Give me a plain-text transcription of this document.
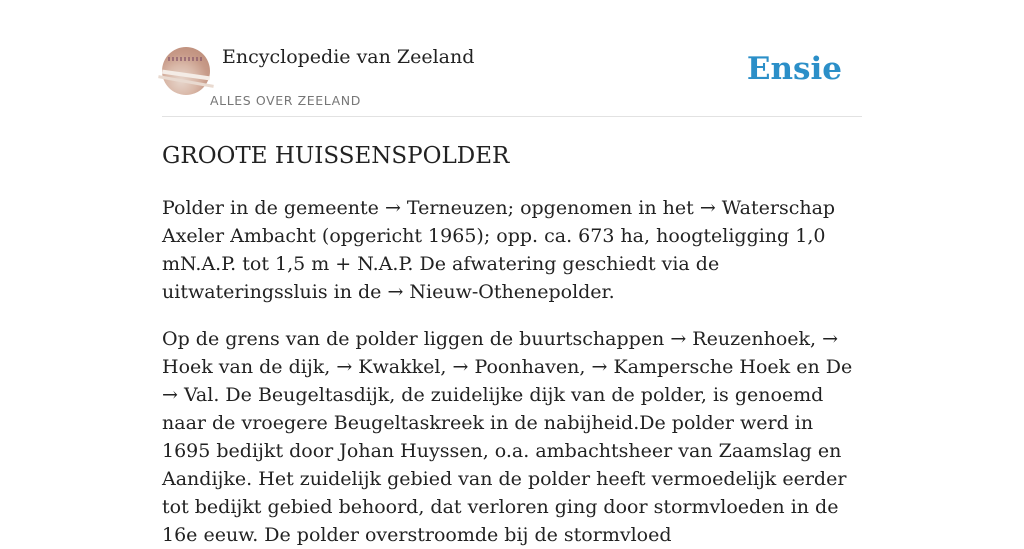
Encyclopedie van Zeeland
ALLES OVER ZEELAND
Ensie
GROOTE HUISSENSPOLDER

Polder in de gemeente → Terneuzen; opgenomen in het → Waterschap Axeler Ambacht (opgericht 1965); opp. ca. 673 ha, hoogteligging 1,0 mN.A.P. tot 1,5 m + N.A.P. De afwatering geschiedt via de uitwateringssluis in de → Nieuw-Othenepolder.

Op de grens van de polder liggen de buurtschappen → Reuzenhoek, → Hoek van de dijk, → Kwakkel, → Poonhaven, → Kampersche Hoek en De → Val. De Beugeltasdijk, de zuidelijke dijk van de polder, is genoemd naar de vroegere Beugeltaskreek in de nabijheid.De polder werd in 1695 bedijkt door Johan Huyssen, o.a. ambachtsheer van Zaamslag en Aandijke. Het zuidelijk gebied van de polder heeft vermoedelijk eerder tot bedijkt gebied behoord, dat verloren ging door stormvloeden in de 16e eeuw. De polder overstroomde bij de stormvloed
